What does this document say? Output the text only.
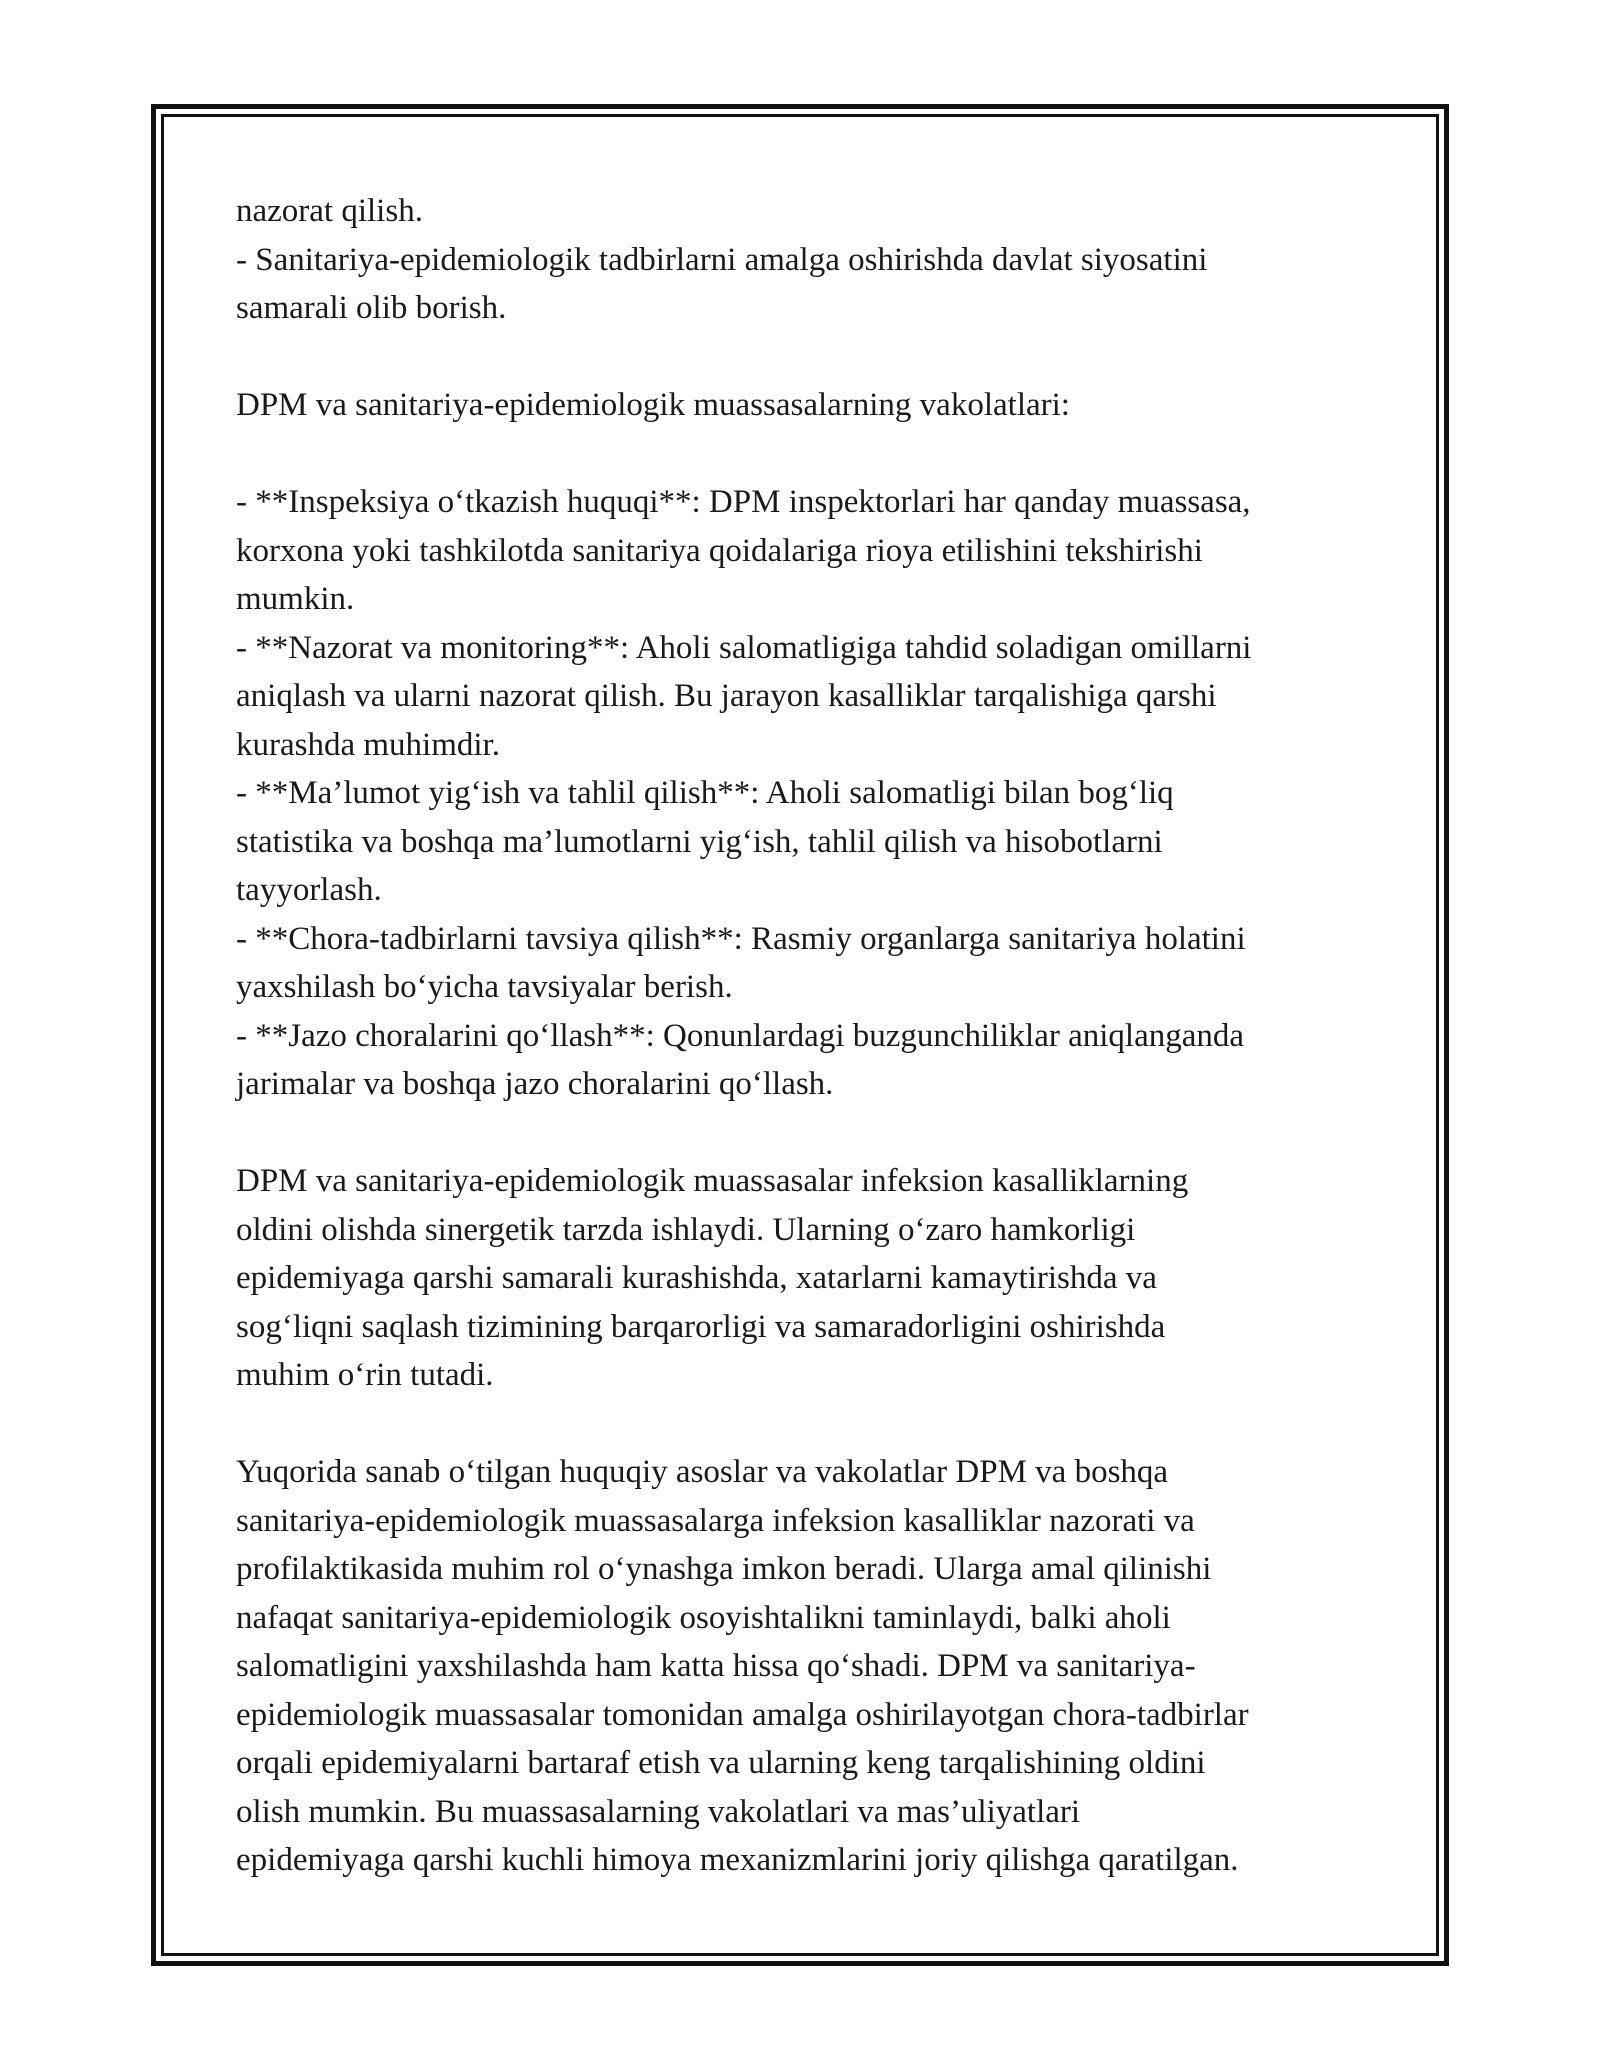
nazorat qilish.

- Sanitariya-epidemiologik tadbirlarni amalga oshirishda davlat siyosatini
samarali olib borish.

DPM va sanitariya-epidemiologik muassasalarning vakolatlari:

- **Inspeksiya o‘tkazish huquqi**: DPM inspektorlari har qanday muassasa,
korxona yoki tashkilotda sanitariya qoidalariga rioya etilishini tekshirishi
mumkin.

- **Nazorat va monitoring**: Aholi salomatligiga tahdid soladigan omillarni
aniqlash va ularni nazorat qilish. Bu jarayon kasalliklar tarqalishiga qarshi
kurashda muhimdir.

- **Ma’lumot yig‘ish va tahlil qilish**: Aholi salomatligi bilan bog‘liq
statistika va boshqa ma’lumotlarni yig‘ish, tahlil qilish va hisobotlarni
tayyorlash.

- **Chora-tadbirlarni tavsiya qilish**: Rasmiy organlarga sanitariya holatini
yaxshilash bo‘yicha tavsiyalar berish.

- **Jazo choralarini qo‘llash**: Qonunlardagi buzgunchiliklar aniqlanganda
jarimalar va boshqa jazo choralarini qo‘llash.

DPM va sanitariya-epidemiologik muassasalar infeksion kasalliklarning
oldini olishda sinergetik tarzda ishlaydi. Ularning o‘zaro hamkorligi
epidemiyaga qarshi samarali kurashishda, xatarlarni kamaytirishda va
sog‘liqni saqlash tizimining barqarorligi va samaradorligini oshirishda
muhim o‘rin tutadi.

Yuqorida sanab o‘tilgan huquqiy asoslar va vakolatlar DPM va boshqa
sanitariya-epidemiologik muassasalarga infeksion kasalliklar nazorati va
profilaktikasida muhim rol o‘ynashga imkon beradi. Ularga amal qilinishi
nafaqat sanitariya-epidemiologik osoyishtalikni taminlaydi, balki aholi
salomatligini yaxshilashda ham katta hissa qo‘shadi. DPM va sanitariya-
epidemiologik muassasalar tomonidan amalga oshirilayotgan chora-tadbirlar
orqali epidemiyalarni bartaraf etish va ularning keng tarqalishining oldini
olish mumkin. Bu muassasalarning vakolatlari va mas’uliyatlari
epidemiyaga qarshi kuchli himoya mexanizmlarini joriy qilishga qaratilgan.
